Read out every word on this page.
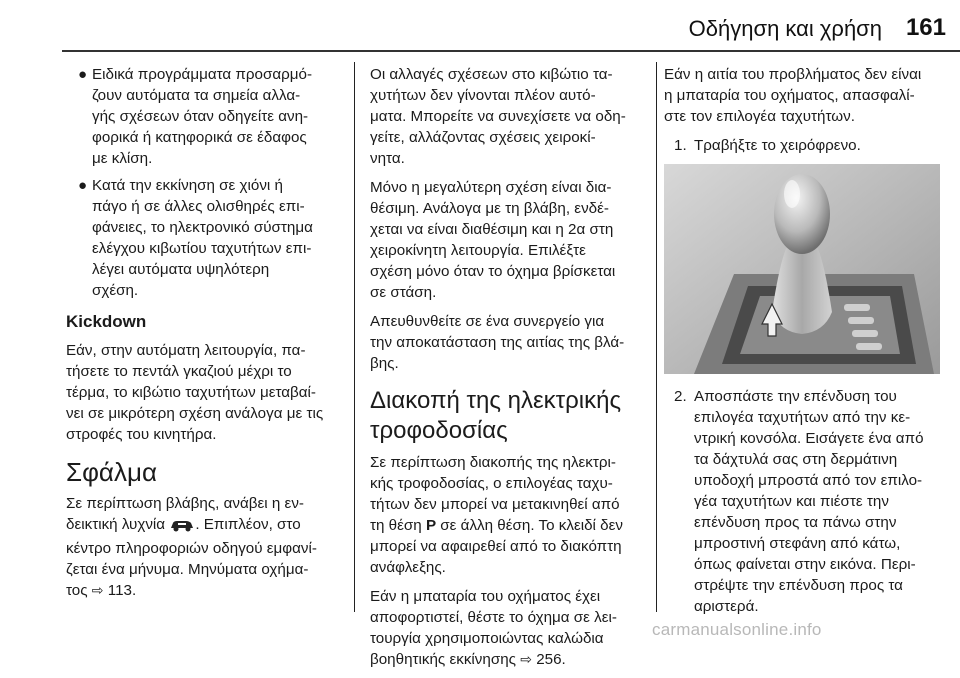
Οδήγηση και χρήση 161
● Ειδικά προγράμματα προσαρμό-
ζουν αυτόματα τα σημεία αλλα-
γής σχέσεων όταν οδηγείτε ανη-
φορικά ή κατηφορικά σε έδαφος
με κλίση.
● Κατά την εκκίνηση σε χιόνι ή
πάγο ή σε άλλες ολισθηρές επι-
φάνειες, το ηλεκτρονικό σύστημα
ελέγχου κιβωτίου ταχυτήτων επι-
λέγει αυτόματα υψηλότερη
σχέση.
Kickdown

Εάν, στην αυτόματη λειτουργία, πα-
τήσετε το πεντάλ γκαζιού μέχρι το
τέρμα, το κιβώτιο ταχυτήτων μεταβαί-
νει σε μικρότερη σχέση ανάλογα με τις
στροφές του κινητήρα.

Σφάλμα

Σε περίπτωση βλάβης, ανάβει η εν-
δεικτική λυχνία . Επιπλέον, στο
κέντρο πληροφοριών οδηγού εμφανί-
ζεται ένα μήνυμα. Μηνύματα οχήμα-
τος ⇨ 113.

Οι αλλαγές σχέσεων στο κιβώτιο τα-
χυτήτων δεν γίνονται πλέον αυτό-
ματα. Μπορείτε να συνεχίσετε να οδη-
γείτε, αλλάζοντας σχέσεις χειροκί-
νητα.

Μόνο η μεγαλύτερη σχέση είναι δια-
θέσιμη. Ανάλογα με τη βλάβη, ενδέ-
χεται να είναι διαθέσιμη και η 2α στη
χειροκίνητη λειτουργία. Επιλέξτε
σχέση μόνο όταν το όχημα βρίσκεται
σε στάση.

Απευθυνθείτε σε ένα συνεργείο για
την αποκατάσταση της αιτίας της βλά-
βης.

Διακοπή της ηλεκτρικής
τροφοδοσίας

Σε περίπτωση διακοπής της ηλεκτρι-
κής τροφοδοσίας, ο επιλογέας ταχυ-
τήτων δεν μπορεί να μετακινηθεί από
τη θέση P σε άλλη θέση. Το κλειδί δεν
μπορεί να αφαιρεθεί από το διακόπτη
ανάφλεξης.

Εάν η μπαταρία του οχήματος έχει
αποφορτιστεί, θέστε το όχημα σε λει-
τουργία χρησιμοποιώντας καλώδια
βοηθητικής εκκίνησης ⇨ 256.

Εάν η αιτία του προβλήματος δεν είναι
η μπαταρία του οχήματος, απασφαλί-
στε τον επιλογέα ταχυτήτων.

1. Τραβήξτε το χειρόφρενο.
2. Αποσπάστε την επένδυση του
επιλογέα ταχυτήτων από την κε-
ντρική κονσόλα. Εισάγετε ένα από
τα δάχτυλά σας στη δερμάτινη
υποδοχή μπροστά από τον επιλο-
γέα ταχυτήτων και πιέστε την
επένδυση προς τα πάνω στην
μπροστινή στεφάνη από κάτω,
όπως φαίνεται στην εικόνα. Περι-
στρέψτε την επένδυση προς τα
αριστερά.
carmanualsonline.info
